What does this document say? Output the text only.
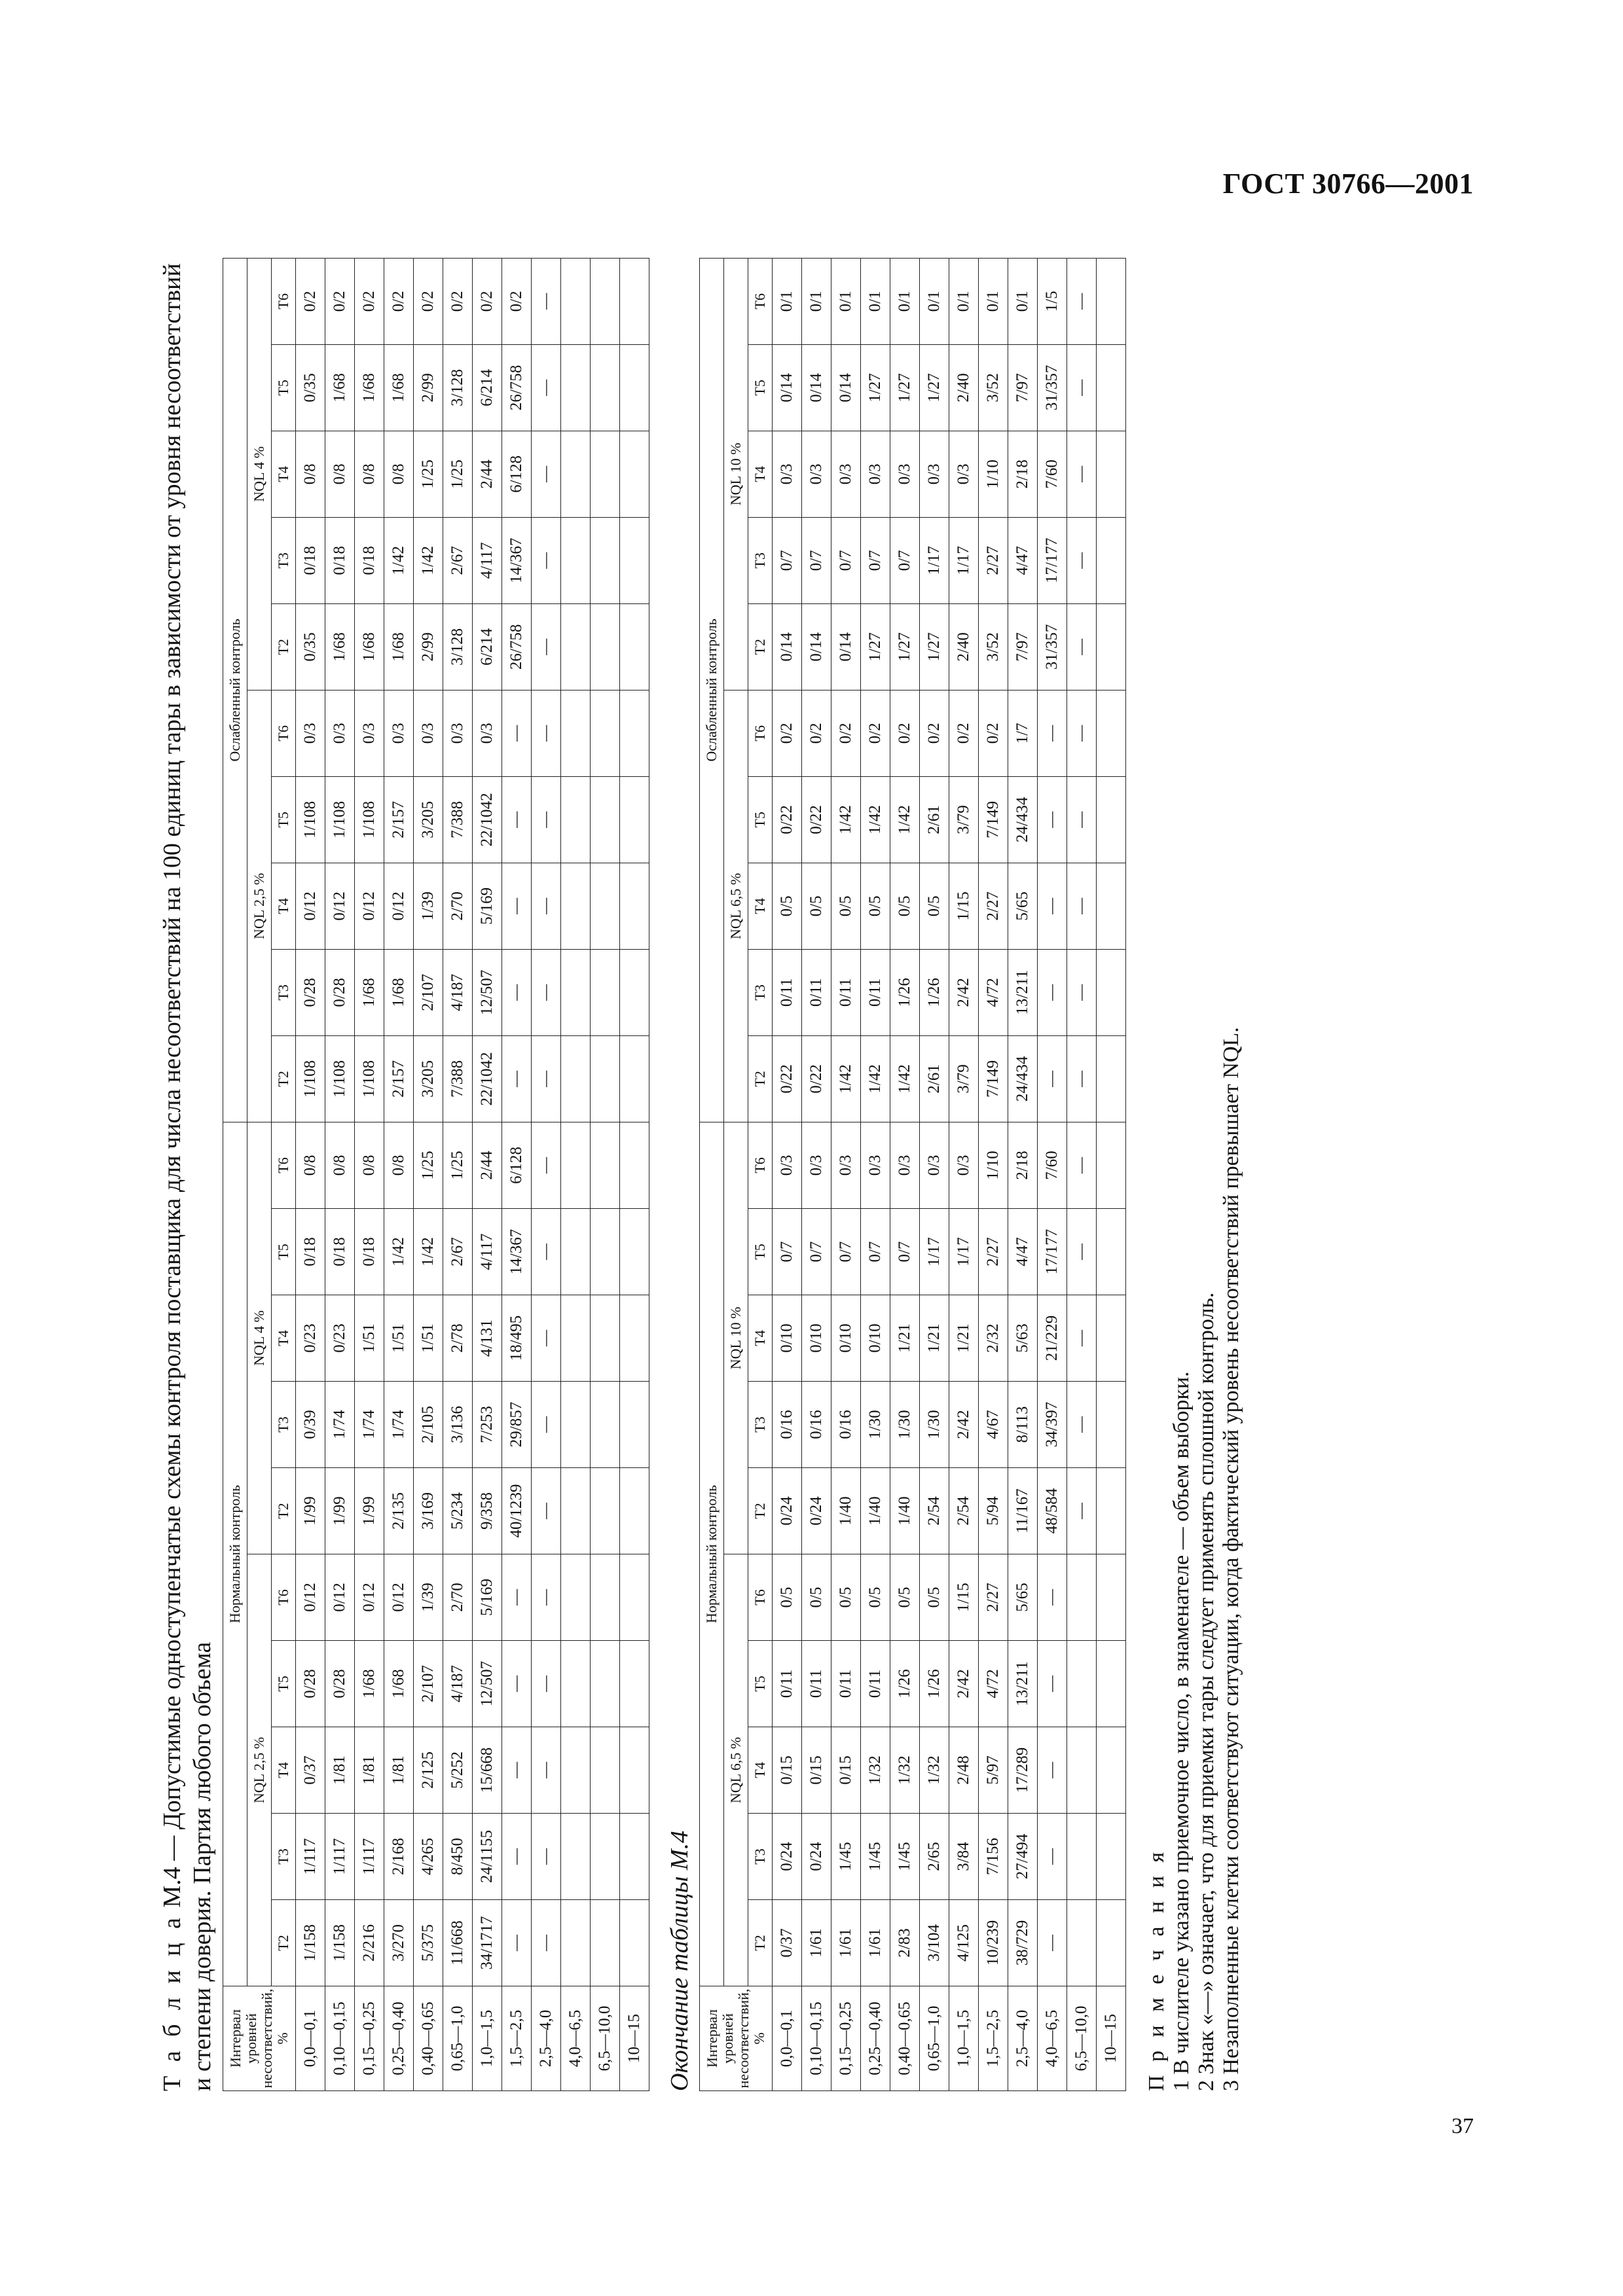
ГОСТ 30766—2001
37
Т а б л и ц а М.4 — Допустимые одноступенчатые схемы контроля поставщика для числа несоответствий на 100 единиц тары в зависимости от уровня несоответствий и степени доверия. Партия любого объема Интервал уровней несоответствий, %	Нормальный контроль										Ослабленный контроль									
	NQL 2,5 %					NQL 4 %					NQL 2,5 %					NQL 4 %				
	Т2	Т3	Т4	Т5	Т6	Т2	Т3	Т4	Т5	Т6	Т2	Т3	Т4	Т5	Т6	Т2	Т3	Т4	Т5	Т6
0,0—0,1	1/158	1/117	0/37	0/28	0/12	1/99	0/39	0/23	0/18	0/8	1/108	0/28	0/12	1/108	0/3	0/35	0/18	0/8	0/35	0/2
0,10—0,15	1/158	1/117	1/81	0/28	0/12	1/99	1/74	0/23	0/18	0/8	1/108	0/28	0/12	1/108	0/3	1/68	0/18	0/8	1/68	0/2
0,15—0,25	2/216	1/117	1/81	1/68	0/12	1/99	1/74	1/51	0/18	0/8	1/108	1/68	0/12	1/108	0/3	1/68	0/18	0/8	1/68	0/2
0,25—0,40	3/270	2/168	1/81	1/68	0/12	2/135	1/74	1/51	1/42	0/8	2/157	1/68	0/12	2/157	0/3	1/68	1/42	0/8	1/68	0/2
0,40—0,65	5/375	4/265	2/125	2/107	1/39	3/169	2/105	1/51	1/42	1/25	3/205	2/107	1/39	3/205	0/3	2/99	1/42	1/25	2/99	0/2
0,65—1,0	11/668	8/450	5/252	4/187	2/70	5/234	3/136	2/78	2/67	1/25	7/388	4/187	2/70	7/388	0/3	3/128	2/67	1/25	3/128	0/2
1,0—1,5	34/1717	24/1155	15/668	12/507	5/169	9/358	7/253	4/131	4/117	2/44	22/1042	12/507	5/169	22/1042	0/3	6/214	4/117	2/44	6/214	0/2
1,5—2,5	—	—	—	—	—	40/1239	29/857	18/495	14/367	6/128	—	—	—	—	—	26/758	14/367	6/128	26/758	0/2
2,5—4,0	—	—	—	—	—	—	—	—	—	—	—	—	—	—	—	—	—	—	—	—
4,0—6,5																				
6,5—10,0																				
10—15																				Окончание таблицы М.4 Интервал уровней несоответствий, %	Нормальный контроль										Ослабленный контроль									
	NQL 6,5 %					NQL 10 %					NQL 6,5 %					NQL 10 %				
	Т2	Т3	Т4	Т5	Т6	Т2	Т3	Т4	Т5	Т6	Т2	Т3	Т4	Т5	Т6	Т2	Т3	Т4	Т5	Т6
0,0—0,1	0/37	0/24	0/15	0/11	0/5	0/24	0/16	0/10	0/7	0/3	0/22	0/11	0/5	0/22	0/2	0/14	0/7	0/3	0/14	0/1
0,10—0,15	1/61	0/24	0/15	0/11	0/5	0/24	0/16	0/10	0/7	0/3	0/22	0/11	0/5	0/22	0/2	0/14	0/7	0/3	0/14	0/1
0,15—0,25	1/61	1/45	0/15	0/11	0/5	1/40	0/16	0/10	0/7	0/3	1/42	0/11	0/5	1/42	0/2	0/14	0/7	0/3	0/14	0/1
0,25—0,40	1/61	1/45	1/32	0/11	0/5	1/40	1/30	0/10	0/7	0/3	1/42	0/11	0/5	1/42	0/2	1/27	0/7	0/3	1/27	0/1
0,40—0,65	2/83	1/45	1/32	1/26	0/5	1/40	1/30	1/21	0/7	0/3	1/42	1/26	0/5	1/42	0/2	1/27	0/7	0/3	1/27	0/1
0,65—1,0	3/104	2/65	1/32	1/26	0/5	2/54	1/30	1/21	1/17	0/3	2/61	1/26	0/5	2/61	0/2	1/27	1/17	0/3	1/27	0/1
1,0—1,5	4/125	3/84	2/48	2/42	1/15	2/54	2/42	1/21	1/17	0/3	3/79	2/42	1/15	3/79	0/2	2/40	1/17	0/3	2/40	0/1
1,5—2,5	10/239	7/156	5/97	4/72	2/27	5/94	4/67	2/32	2/27	1/10	7/149	4/72	2/27	7/149	0/2	3/52	2/27	1/10	3/52	0/1
2,5—4,0	38/729	27/494	17/289	13/211	5/65	11/167	8/113	5/63	4/47	2/18	24/434	13/211	5/65	24/434	1/7	7/97	4/47	2/18	7/97	0/1
4,0—6,5	—	—	—	—	—	48/584	34/397	21/229	17/177	7/60	—	—	—	—	—	31/357	17/177	7/60	31/357	1/5
6,5—10,0						—	—	—	—	—	—	—	—	—	—	—	—	—	—	—
10—15																				П р и м е ч а н и я 1 В числителе указано приемочное число, в знаменателе — объем выборки. 2 Знак «—» означает, что для приемки тары следует применять сплошной контроль. 3 Незаполненные клетки соответствуют ситуации, когда фактический уровень несоответствий превышает NQL.
